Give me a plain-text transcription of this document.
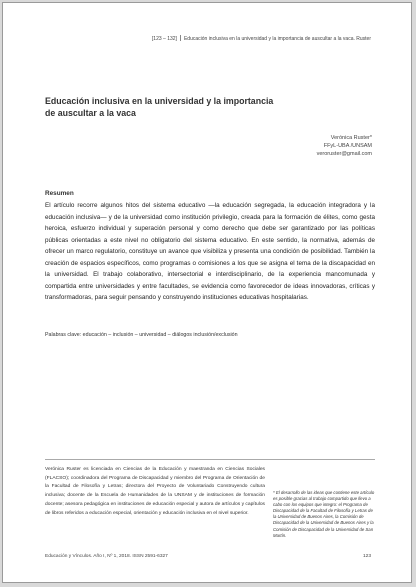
[123 – 132] Educación inclusiva en la universidad y la importancia de auscultar a la vaca. Ruster
Educación inclusiva en la universidad y la importancia de auscultar a la vaca
Verónica Ruster*
FFyL-UBA /UNSAM
veroruster@gmail.com
Resumen

El artículo recorre algunos hitos del sistema educativo —la educación segregada, la educación integradora y la educación inclusiva— y de la universidad como institución privilegio, creada para la formación de élites, como gesta heroica, esfuerzo individual y superación personal y como derecho que debe ser garantizado por las políticas públicas orientadas a este nivel no obligatorio del sistema educativo. En este sentido, la normativa, además de ofrecer un marco regulatorio, constituye un avance que visibiliza y presenta una condición de posibilidad. También la creación de espacios específicos, como programas o comisiones a los que se asigna el tema de la discapacidad en la universidad. El trabajo colaborativo, intersectorial e interdisciplinario, de la experiencia mancomunada y compartida entre universidades y entre facultades, se evidencia como favorecedor de ideas innovadoras, críticas y transformadoras, para seguir pensando y construyendo instituciones educativas hospitalarias.

Palabras clave: educación – inclusión – universidad – diálogos inclusión/exclusión

Verónica Ruster es licenciada en Ciencias de la Educación y maestranda en Ciencias Sociales (FLACSO); coordinadora del Programa de Discapacidad y miembro del Programa de Orientación de la Facultad de Filosofía y Letras; directora del Proyecto de Voluntariado Construyendo cultura inclusiva; docente de la Escuela de Humanidades de la UNSAM y de instituciones de formación docente; asesora pedagógica en instituciones de educación especial y autora de artículos y capítulos de libros referidos a educación especial, orientación y educación inclusiva en el nivel superior.

* El desarrollo de las ideas que contiene este artículo es posible gracias al trabajo compartido que llevo a cabo con los equipos que integro: el Programa de Discapacidad de la Facultad de Filosofía y Letras de la Universidad de Buenos Aires, la Comisión de Discapacidad de la Universidad de Buenos Aires y la Comisión de Discapacidad de la Universidad de San Martín.

Educación y Vínculos. Año I, Nº 1, 2018. ISSN 2591-6327	123
